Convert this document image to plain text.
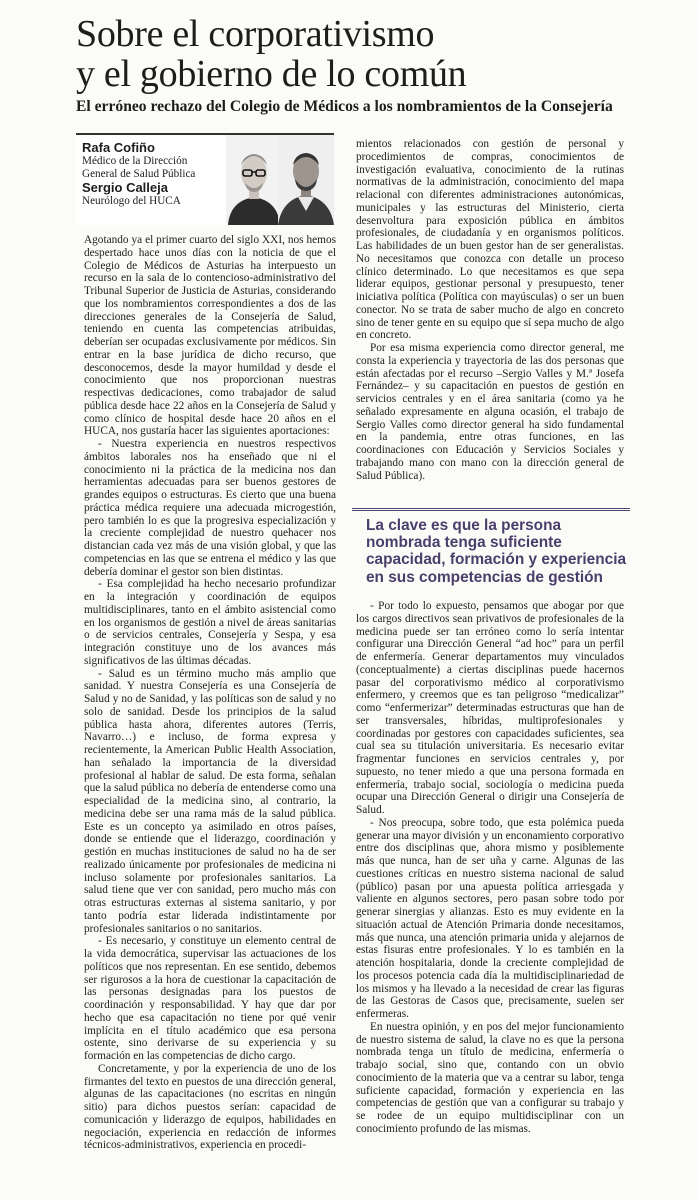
Sobre el corporativismo
y el gobierno de lo común
El erróneo rechazo del Colegio de Médicos a los nombramientos de la Consejería
Rafa Cofiño
Médico de la Dirección
General de Salud Pública
Sergio Calleja
Neurólogo del HUCA

Agotando ya el primer cuarto del siglo XXI, nos hemos despertado hace unos días con la noticia de que el Colegio de Médicos de Asturias ha interpuesto un recurso en la sala de lo contencioso-administrativo del Tribunal Superior de Justicia de Asturias, considerando que los nombramientos correspondientes a dos de las direcciones generales de la Consejería de Salud, teniendo en cuenta las competencias atribuidas, deberían ser ocupadas exclusivamente por médicos. Sin entrar en la base jurídica de dicho recurso, que desconocemos, desde la mayor humildad y desde el conocimiento que nos proporcionan nuestras respectivas dedicaciones, como trabajador de salud pública desde hace 22 años en la Consejería de Salud y como clínico de hospital desde hace 20 años en el HUCA, nos gustaría hacer las siguientes aportaciones:

- Nuestra experiencia en nuestros respectivos ámbitos laborales nos ha enseñado que ni el conocimiento ni la práctica de la medicina nos dan herramientas adecuadas para ser buenos gestores de grandes equipos o estructuras. Es cierto que una buena práctica médica requiere una adecuada microgestión, pero también lo es que la progresiva especialización y la creciente complejidad de nuestro quehacer nos distancian cada vez más de una visión global, y que las competencias en las que se entrena el médico y las que debería dominar el gestor son bien distintas.

- Esa complejidad ha hecho necesario profundizar en la integración y coordinación de equipos multidisciplinares, tanto en el ámbito asistencial como en los organismos de gestión a nivel de áreas sanitarias o de servicios centrales, Consejería y Sespa, y esa integración constituye uno de los avances más significativos de las últimas décadas.

- Salud es un término mucho más amplio que sanidad. Y nuestra Consejería es una Consejería de Salud y no de Sanidad, y las políticas son de salud y no solo de sanidad. Desde los principios de la salud pública hasta ahora, diferentes autores (Terris, Navarro…) e incluso, de forma expresa y recientemente, la American Public Health Association, han señalado la importancia de la diversidad profesional al hablar de salud. De esta forma, señalan que la salud pública no debería de entenderse como una especialidad de la medicina sino, al contrario, la medicina debe ser una rama más de la salud pública. Este es un concepto ya asimilado en otros países, donde se entiende que el liderazgo, coordinación y gestión en muchas instituciones de salud no ha de ser realizado únicamente por profesionales de medicina ni incluso solamente por profesionales sanitarios. La salud tiene que ver con sanidad, pero mucho más con otras estructuras externas al sistema sanitario, y por tanto podría estar liderada indistintamente por profesionales sanitarios o no sanitarios.

- Es necesario, y constituye un elemento central de la vida democrática, supervisar las actuaciones de los políticos que nos representan. En ese sentido, debemos ser rigurosos a la hora de cuestionar la capacitación de las personas designadas para los puestos de coordinación y responsabilidad. Y hay que dar por hecho que esa capacitación no tiene por qué venir implícita en el título académico que esa persona ostente, sino derivarse de su experiencia y su formación en las competencias de dicho cargo.

Concretamente, y por la experiencia de uno de los firmantes del texto en puestos de una dirección general, algunas de las capacitaciones (no escritas en ningún sitio) para dichos puestos serían: capacidad de comunicación y liderazgo de equipos, habilidades en negociación, experiencia en redacción de informes técnicos-administrativos, experiencia en procedi-

mientos relacionados con gestión de personal y procedimientos de compras, conocimientos de investigación evaluativa, conocimiento de la rutinas normativas de la administración, conocimiento del mapa relacional con diferentes administraciones autonómicas, municipales y las estructuras del Ministerio, cierta desenvoltura para exposición pública en ámbitos profesionales, de ciudadanía y en organismos políticos. Las habilidades de un buen gestor han de ser generalistas. No necesitamos que conozca con detalle un proceso clínico determinado. Lo que necesitamos es que sepa liderar equipos, gestionar personal y presupuesto, tener iniciativa política (Política con mayúsculas) o ser un buen conector. No se trata de saber mucho de algo en concreto sino de tener gente en su equipo que sí sepa mucho de algo en concreto.

Por esa misma experiencia como director general, me consta la experiencia y trayectoria de las dos personas que están afectadas por el recurso –Sergio Valles y M.ª Josefa Fernández– y su capacitación en puestos de gestión en servicios centrales y en el área sanitaria (como ya he señalado expresamente en alguna ocasión, el trabajo de Sergio Valles como director general ha sido fundamental en la pandemia, entre otras funciones, en las coordinaciones con Educación y Servicios Sociales y trabajando mano con mano con la dirección general de Salud Pública).

La clave es que la persona nombrada tenga suficiente capacidad, formación y experiencia en sus competencias de gestión

- Por todo lo expuesto, pensamos que abogar por que los cargos directivos sean privativos de profesionales de la medicina puede ser tan erróneo como lo sería intentar configurar una Dirección General “ad hoc” para un perfil de enfermería. Generar departamentos muy vinculados (conceptualmente) a ciertas disciplinas puede hacernos pasar del corporativismo médico al corporativismo enfermero, y creemos que es tan peligroso “medicalizar” como “enfermerizar” determinadas estructuras que han de ser transversales, híbridas, multiprofesionales y coordinadas por gestores con capacidades suficientes, sea cual sea su titulación universitaria. Es necesario evitar fragmentar funciones en servicios centrales y, por supuesto, no tener miedo a que una persona formada en enfermería, trabajo social, sociología o medicina pueda ocupar una Dirección General o dirigir una Consejería de Salud.

- Nos preocupa, sobre todo, que esta polémica pueda generar una mayor división y un enconamiento corporativo entre dos disciplinas que, ahora mismo y posiblemente más que nunca, han de ser uña y carne. Algunas de las cuestiones críticas en nuestro sistema nacional de salud (público) pasan por una apuesta política arriesgada y valiente en algunos sectores, pero pasan sobre todo por generar sinergias y alianzas. Esto es muy evidente en la situación actual de Atención Primaria donde necesitamos, más que nunca, una atención primaria unida y alejarnos de estas fisuras entre profesionales. Y lo es también en la atención hospitalaria, donde la creciente complejidad de los procesos potencia cada día la multidisciplinariedad de los mismos y ha llevado a la necesidad de crear las figuras de las Gestoras de Casos que, precisamente, suelen ser enfermeras.

En nuestra opinión, y en pos del mejor funcionamiento de nuestro sistema de salud, la clave no es que la persona nombrada tenga un título de medicina, enfermería o trabajo social, sino que, contando con un obvio conocimiento de la materia que va a centrar su labor, tenga suficiente capacidad, formación y experiencia en las competencias de gestión que van a configurar su trabajo y se rodee de un equipo multidisciplinar con un conocimiento profundo de las mismas.
